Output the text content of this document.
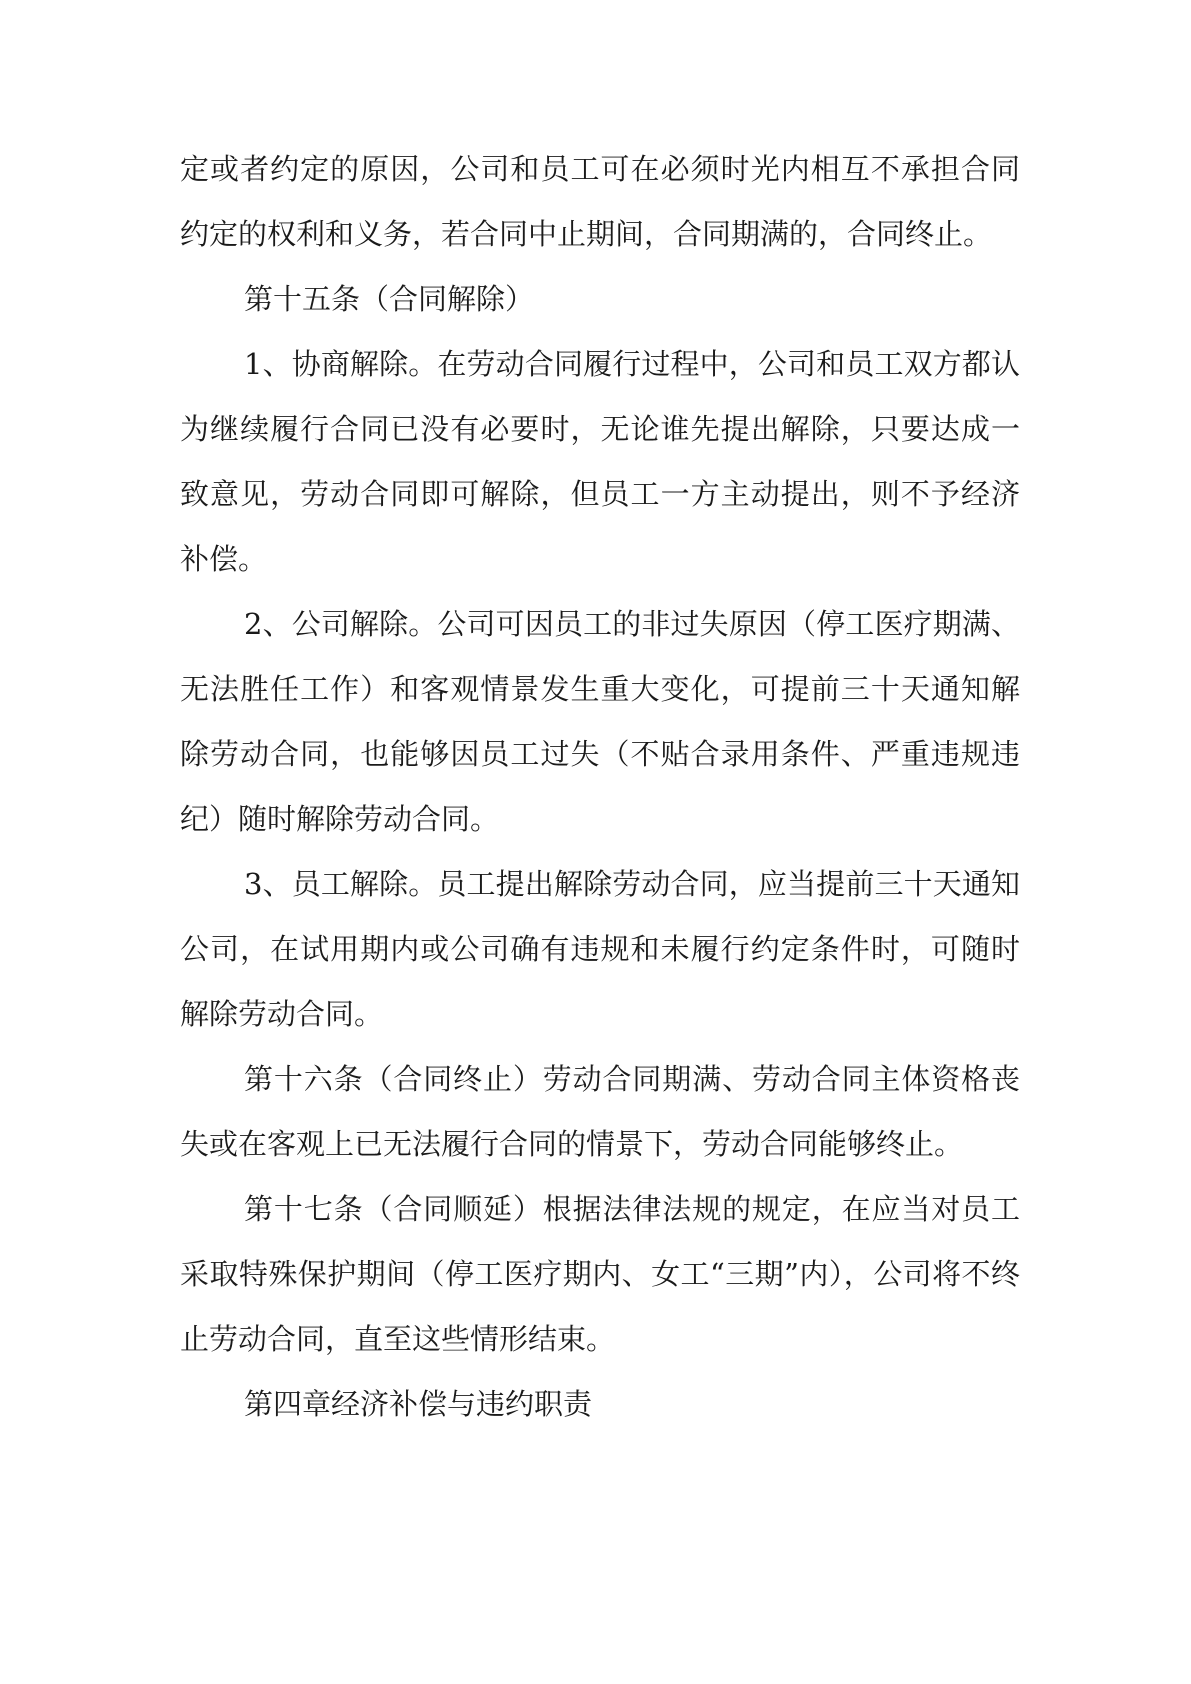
定或者约定的原因，公司和员工可在必须时光内相互不承担合同约定的权利和义务，若合同中止期间，合同期满的，合同终止。

第十五条（合同解除）

1、协商解除。在劳动合同履行过程中，公司和员工双方都认为继续履行合同已没有必要时，无论谁先提出解除，只要达成一致意见，劳动合同即可解除，但员工一方主动提出，则不予经济补偿。

2、公司解除。公司可因员工的非过失原因（停工医疗期满、无法胜任工作）和客观情景发生重大变化，可提前三十天通知解除劳动合同，也能够因员工过失（不贴合录用条件、严重违规违纪）随时解除劳动合同。

3、员工解除。员工提出解除劳动合同，应当提前三十天通知公司，在试用期内或公司确有违规和未履行约定条件时，可随时解除劳动合同。

第十六条（合同终止）劳动合同期满、劳动合同主体资格丧失或在客观上已无法履行合同的情景下，劳动合同能够终止。

第十七条（合同顺延）根据法律法规的规定，在应当对员工采取特殊保护期间（停工医疗期内、女工“三期”内），公司将不终止劳动合同，直至这些情形结束。

第四章经济补偿与违约职责
